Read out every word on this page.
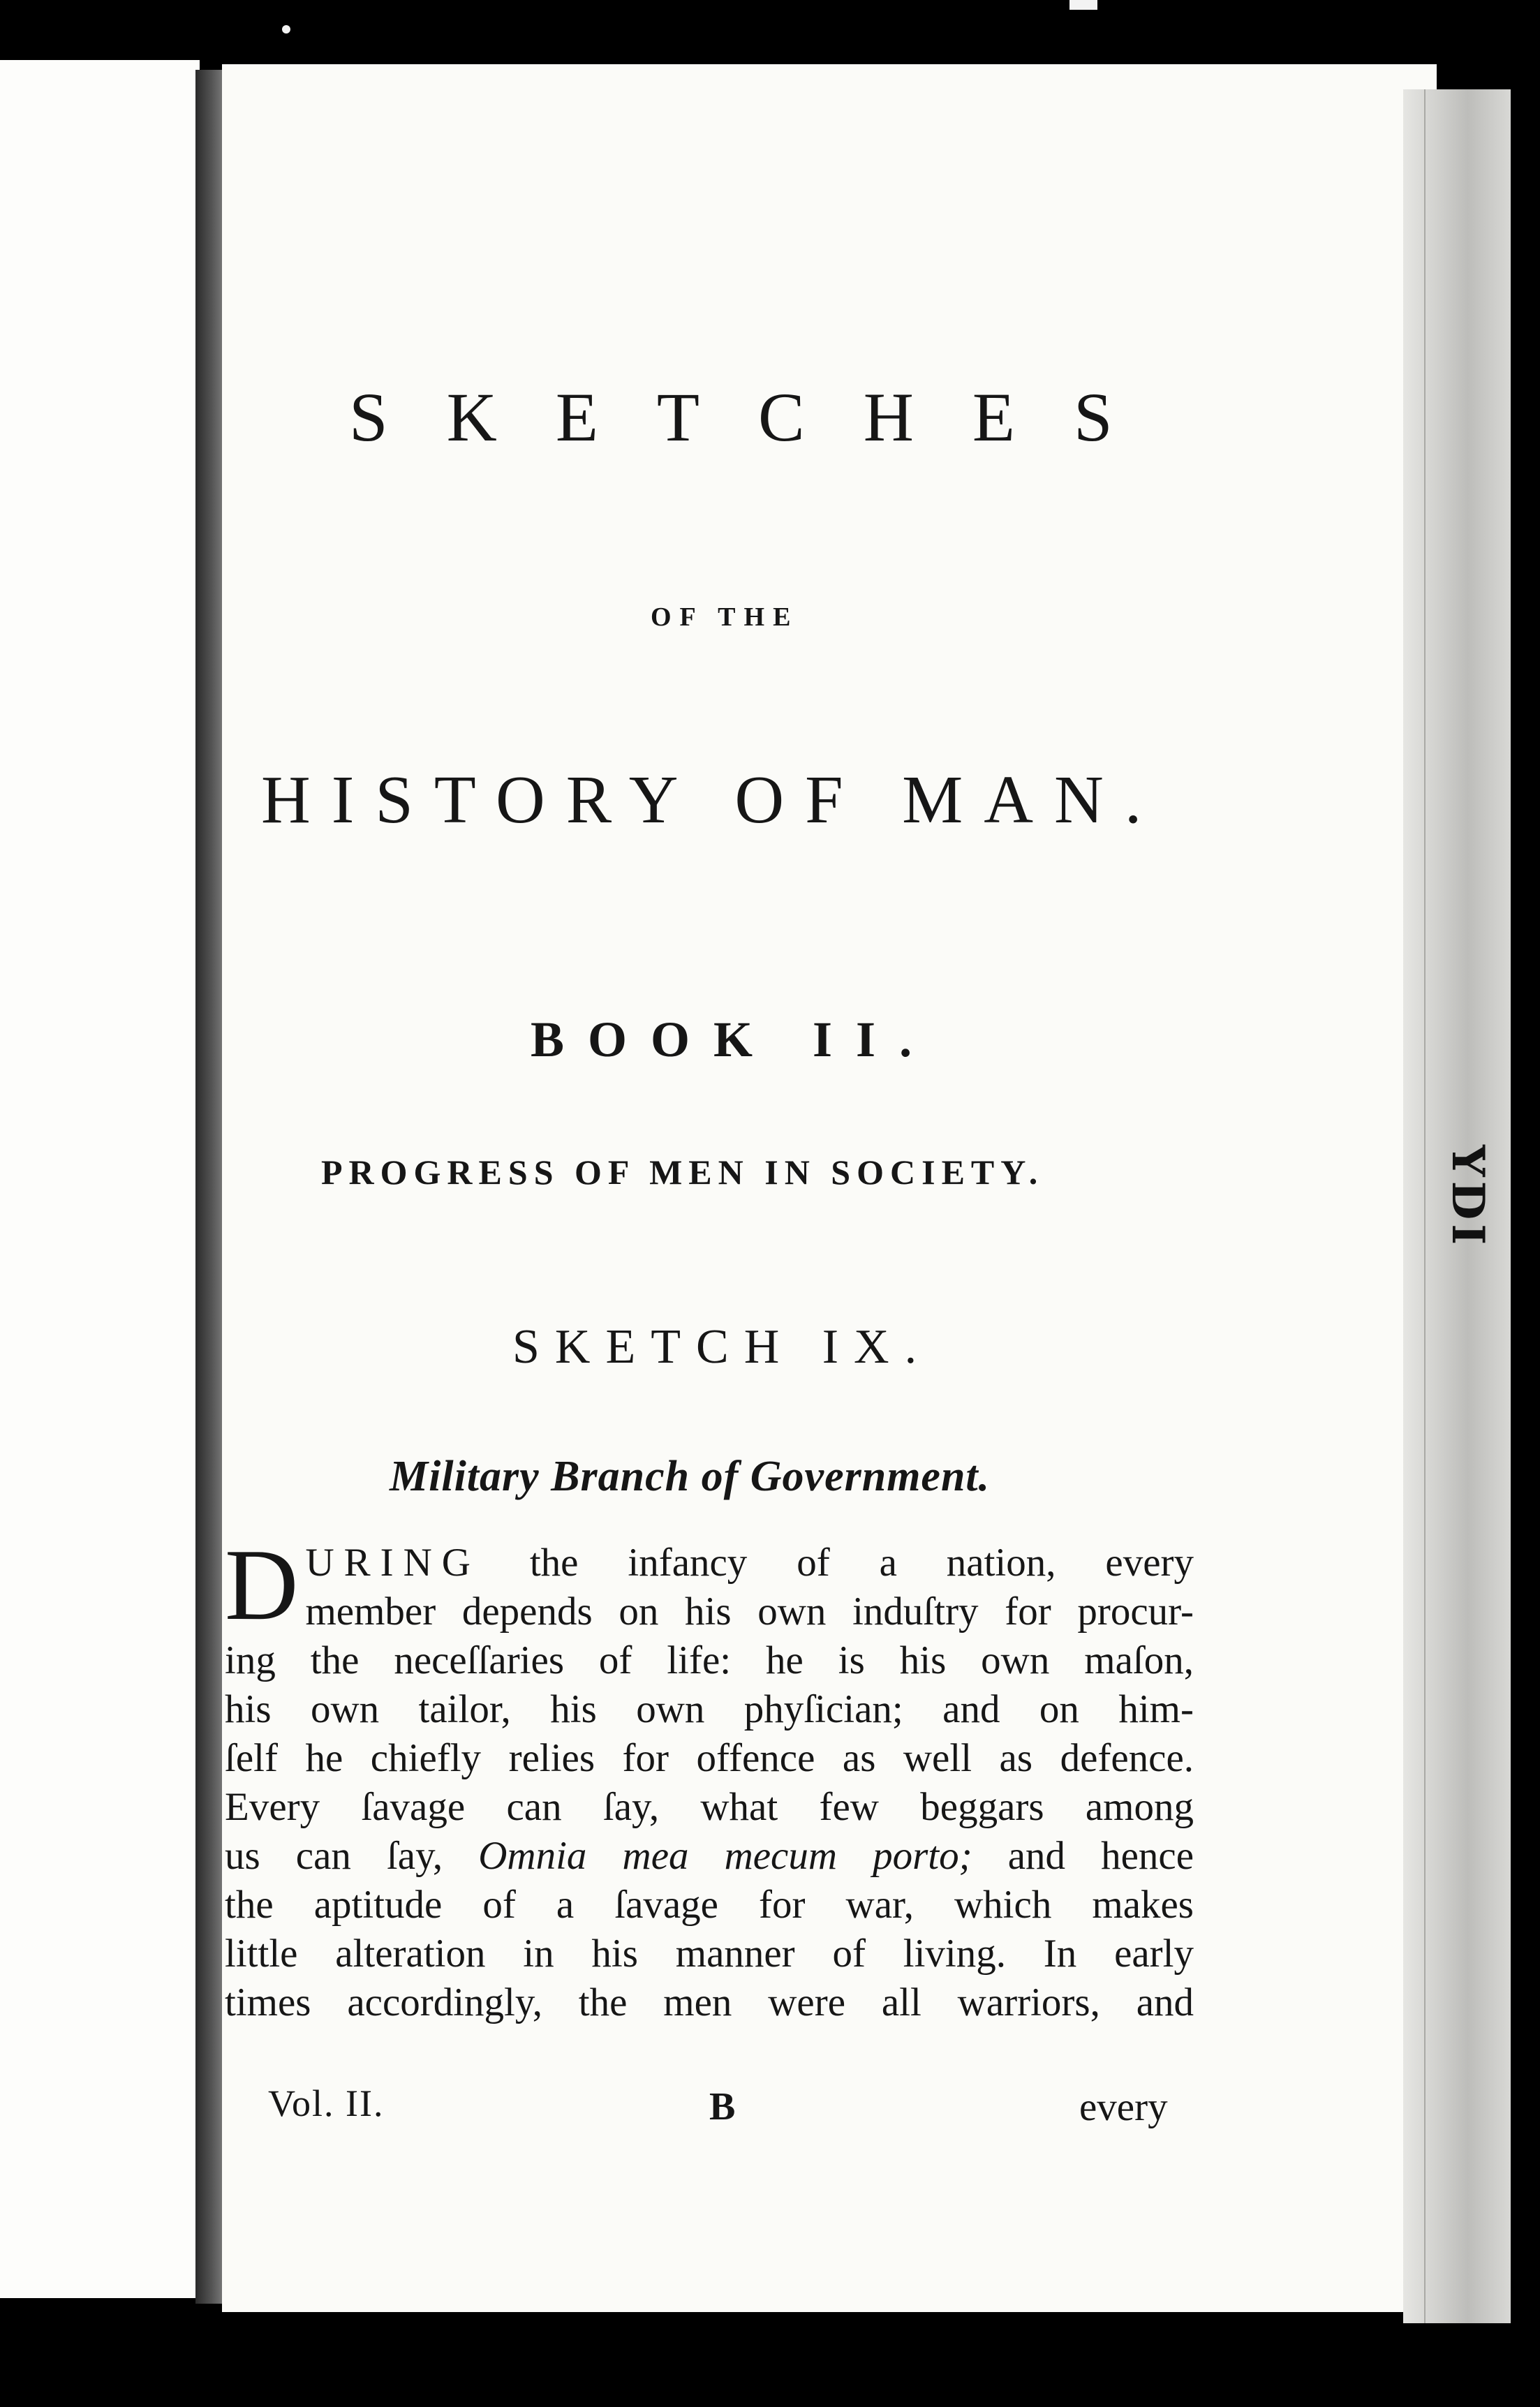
YDI
SKETCHES
OF THE
HISTORY OF MAN.
BOOK II.
PROGRESS OF MEN IN SOCIETY.
SKETCH IX.
Military Branch of Government.
D URING the infancy of a nation, every
member depends on his own induſtry for procur-
ing the neceſſaries of life: he is his own maſon,
his own tailor, his own phyſician; and on him-
ſelf he chiefly relies for offence as well as defence.
Every ſavage can ſay, what few beggars among
us can ſay, Omnia mea mecum porto; and hence
the aptitude of a ſavage for war, which makes
little alteration in his manner of living. In early
times accordingly, the men were all warriors, and
Vol. II.	B	every
